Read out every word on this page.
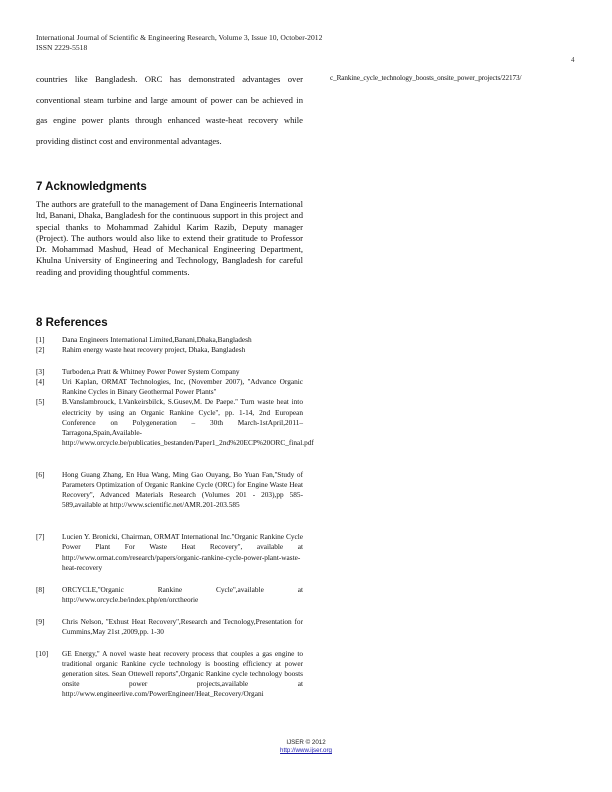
International Journal of Scientific & Engineering Research, Volume 3, Issue 10, October-2012
ISSN 2229-5518
4
countries like Bangladesh. ORC has demonstrated advantages over conventional steam turbine and large amount of power can be achieved in gas engine power plants through enhanced waste-heat recovery while providing distinct cost and environmental advantages.
7 Acknowledgments
The authors are gratefull to the management of Dana Engineeris International ltd, Banani, Dhaka, Bangladesh for the continuous support in this project and special thanks to Mohammad Zahidul Karim Razib, Deputy manager (Project). The authors would also like to extend their gratitude to Professor Dr. Mohammad Mashud, Head of Mechanical Engineering Department, Khulna University of Engineering and Technology, Bangladesh for careful reading and providing thoughtful comments.
8 References
[1] Dana Engineers International Limited,Banani,Dhaka,Bangladesh
[2] Rahim energy waste heat recovery project, Dhaka, Bangladesh
[3] Turboden,a Pratt & Whitney Power Power System Company
[4] Uri Kaplan, ORMAT Technologies, Inc, (November 2007), ''Advance Organic Rankine Cycles in Binary Geothermal Power Plants''
[5] B.Vanslambrouck, I.Vankeirsbilck, S.Gusev,M. De Paepe.'' Turn waste heat into electricity by using an Organic Rankine Cycle'', pp. 1-14, 2nd European Conference on Polygeneration – 30th March-1stApril,2011–Tarragona,Spain,Available- http://www.orcycle.be/publicaties_bestanden/Paper1_2nd%20ECP%20ORC_final.pdf
[6] Hong Guang Zhang, En Hua Wang, Ming Gao Ouyang, Bo Yuan Fan,''Study of Parameters Optimization of Organic Rankine Cycle (ORC) for Engine Waste Heat Recovery'', Advanced Materials Research (Volumes 201 - 203),pp 585-589,available at http://www.scientific.net/AMR.201-203.585
[7] Lucien Y. Bronicki, Chairman, ORMAT International Inc.''Organic Rankine Cycle Power Plant For Waste Heat Recovery'', available at http://www.ormat.com/research/papers/organic-rankine-cycle-power-plant-waste-heat-recovery
[8] ORCYCLE,''Organic Rankine Cycle'',available at http://www.orcycle.be/index.php/en/orctheorie
[9] Chris Nelson, ''Exhust Heat Recovery'',Research and Tecnology,Presentation for Cummins,May 21st ,2009,pp. 1-30
[10] GE Energy,'' A novel waste heat recovery process that couples a gas engine to traditional organic Rankine cycle technology is boosting efficiency at power generation sites. Sean Ottewell reports'',Organic Rankine cycle technology boosts onsite power projects,available at http://www.engineerlive.com/PowerEngineer/Heat_Recovery/Organi
c_Rankine_cycle_technology_boosts_onsite_power_projects/22173/
IJSER © 2012
http://www.ijser.org
